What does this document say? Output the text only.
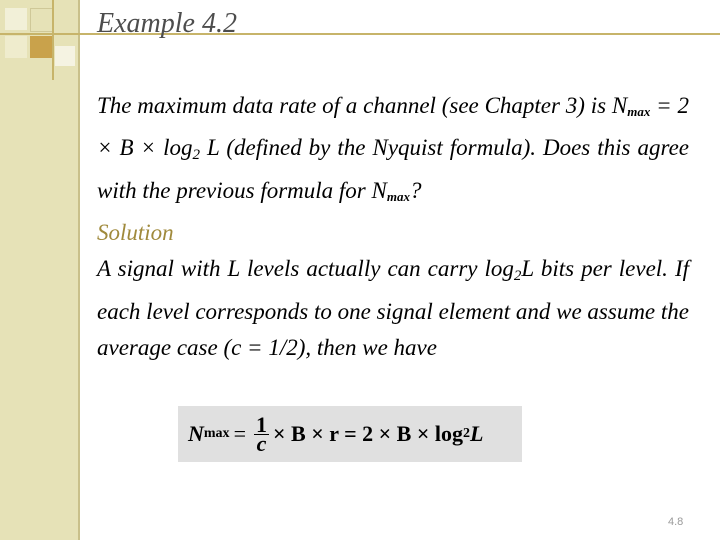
Example 4.2

The maximum data rate of a channel (see Chapter 3) is Nmax = 2 × B × log2 L (defined by the Nyquist formula). Does this agree with the previous formula for Nmax?

Solution

A signal with L levels actually can carry log2L bits per level. If each level corresponds to one signal element and we assume the average case (c = 1/2), then we have

N $\max = \frac{1}{c} \times B \times r = 2 \times B \times \log 2$ L
4.8
